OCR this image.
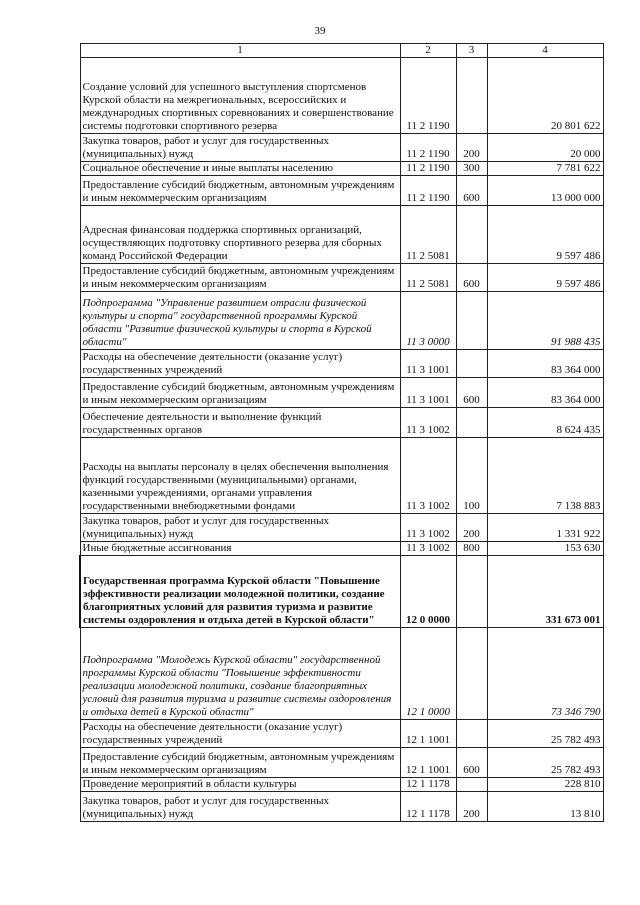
39
1	2	3	4
Создание условий для успешного выступления спортсменов Курской области на межрегиональных, всероссийских и международных спортивных соревнованиях и совершенствование системы подготовки спортивного резерва	11 2 1190		20 801 622
Закупка товаров, работ и услуг для государственных (муниципальных) нужд	11 2 1190	200	20 000
Социальное обеспечение и иные выплаты населению	11 2 1190	300	7 781 622
Предоставление субсидий бюджетным, автономным учреждениям и иным некоммерческим организациям	11 2 1190	600	13 000 000
Адресная финансовая поддержка спортивных организаций, осуществляющих подготовку спортивного резерва для сборных команд Российской Федерации	11 2 5081		9 597 486
Предоставление субсидий бюджетным, автономным учреждениям и иным некоммерческим организациям	11 2 5081	600	9 597 486
Подпрограмма "Управление развитием отрасли физической культуры и спорта" государственной программы Курской области "Развитие физической культуры и спорта в Курской области"	11 3 0000		91 988 435
Расходы на обеспечение деятельности (оказание услуг) государственных учреждений	11 3 1001		83 364 000
Предоставление субсидий бюджетным, автономным учреждениям и иным некоммерческим организациям	11 3 1001	600	83 364 000
Обеспечение деятельности и выполнение функций государственных органов	11 3 1002		8 624 435
Расходы на выплаты персоналу в целях обеспечения выполнения функций государственными (муниципальными) органами, казенными учреждениями, органами управления государственными внебюджетными фондами	11 3 1002	100	7 138 883
Закупка товаров, работ и услуг для государственных (муниципальных) нужд	11 3 1002	200	1 331 922
Иные бюджетные ассигнования	11 3 1002	800	153 630
Государственная программа Курской области "Повышение эффективности реализации молодежной политики, создание благоприятных условий для развития туризма и развитие системы оздоровления и отдыха детей в Курской области"	12 0 0000		331 673 001
Подпрограмма "Молодежь Курской области" государственной программы Курской области "Повышение эффективности реализации молодежной политики, создание благоприятных условий для развития туризма и развитие системы оздоровления и отдыха детей в Курской области"	12 1 0000		73 346 790
Расходы на обеспечение деятельности (оказание услуг) государственных учреждений	12 1 1001		25 782 493
Предоставление субсидий бюджетным, автономным учреждениям и иным некоммерческим организациям	12 1 1001	600	25 782 493
Проведение мероприятий в области культуры	12 1 1178		228 810
Закупка товаров, работ и услуг для государственных (муниципальных) нужд	12 1 1178	200	13 810
